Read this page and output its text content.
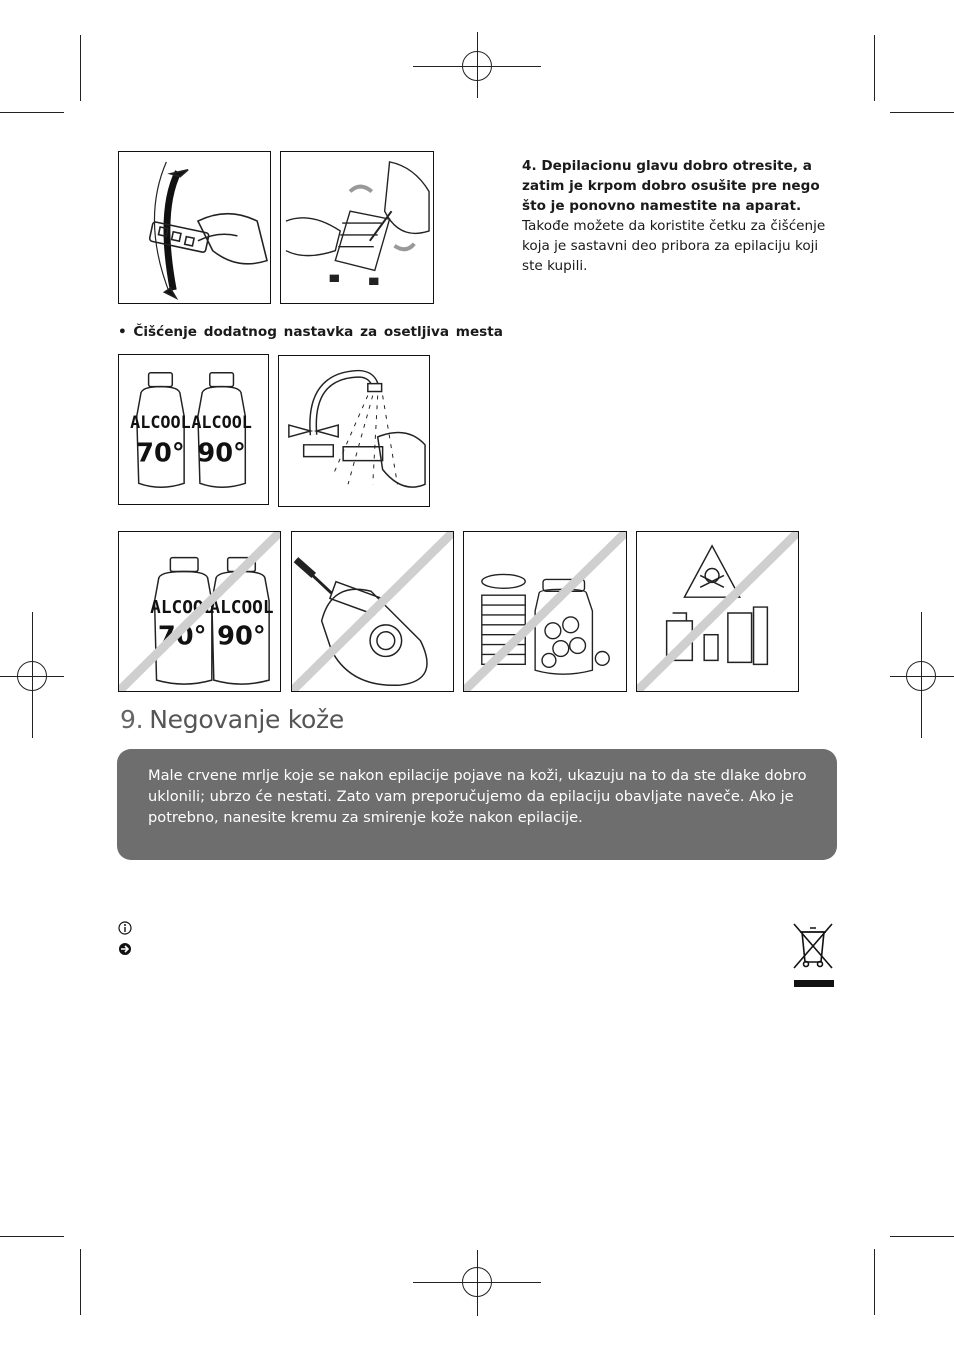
4. Depilacionu glavu dobro otresite, a zatim je krpom dobro osušite pre nego što je ponovno namestite na aparat. Takođe možete da koristite četku za čišćenje koja je sastavni deo pribora za epilaciju koji ste kupili.
• Čišćenje dodatnog nastavka za osetljiva mesta
ALCOOL
70°
ALCOOL
90°
ALCOOL
70°
ALCOOL
90°
9. Negovanje kože

Male crvene mrlje koje se nakon epilacije pojave na koži, ukazuju na to da ste dlake dobro uklonili; ubrzo će nestati. Zato vam preporučujemo da epilaciju obavljate naveče. Ako je potrebno, nanesite kremu za smirenje kože nakon epilacije.
